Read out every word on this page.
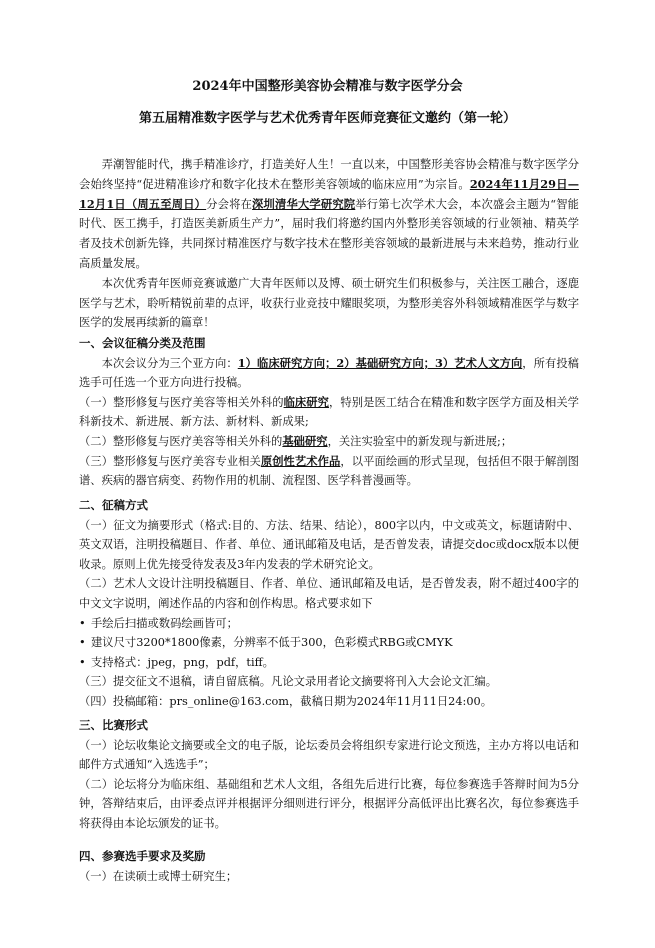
2024年中国整形美容协会精准与数字医学分会
第五届精准数字医学与艺术优秀青年医师竞赛征文邀约（第一轮）

弄潮智能时代，携手精准诊疗，打造美好人生！一直以来，中国整形美容协会精准与数字医学分会始终坚持“促进精准诊疗和数字化技术在整形美容领域的临床应用”为宗旨。2024年11月29日—12月1日（周五至周日）分会将在深圳清华大学研究院举行第七次学术大会，本次盛会主题为“智能时代、医工携手，打造医美新质生产力”，届时我们将邀约国内外整形美容领域的行业领袖、精英学者及技术创新先锋，共同探讨精准医疗与数字技术在整形美容领域的最新进展与未来趋势，推动行业高质量发展。

本次优秀青年医师竞赛诚邀广大青年医师以及博、硕士研究生们积极参与，关注医工融合，逐鹿医学与艺术，聆听精锐前辈的点评，收获行业竞技中耀眼奖项，为整形美容外科领域精准医学与数字医学的发展再续新的篇章！

一、会议征稿分类及范围

本次会议分为三个亚方向：1）临床研究方向；2）基础研究方向；3）艺术人文方向，所有投稿选手可任选一个亚方向进行投稿。

（一）整形修复与医疗美容等相关外科的临床研究，特别是医工结合在精准和数字医学方面及相关学科新技术、新进展、新方法、新材料、新成果;

（二）整形修复与医疗美容等相关外科的基础研究，关注实验室中的新发现与新进展;；

（三）整形修复与医疗美容专业相关原创性艺术作品，以平面绘画的形式呈现，包括但不限于解剖图谱、疾病的器官病变、药物作用的机制、流程图、医学科普漫画等。

二、征稿方式

（一）征文为摘要形式（格式:目的、方法、结果、结论），800字以内，中文或英文，标题请附中、英文双语，注明投稿题目、作者、单位、通讯邮箱及电话，是否曾发表，请提交doc或docx版本以便收录。原则上优先接受待发表及3年内发表的学术研究论文。

（二）艺术人文设计注明投稿题目、作者、单位、通讯邮箱及电话，是否曾发表，附不超过400字的中文文字说明，阐述作品的内容和创作构思。格式要求如下

• 手绘后扫描或数码绘画皆可；

• 建议尺寸3200*1800像素，分辨率不低于300，色彩模式RBG或CMYK

• 支持格式：jpeg，png，pdf，tiff。

（三）提交征文不退稿，请自留底稿。凡论文录用者论文摘要将刊入大会论文汇编。

（四）投稿邮箱：prs_online@163.com，截稿日期为2024年11月11日24:00。

三、比赛形式

（一）论坛收集论文摘要或全文的电子版，论坛委员会将组织专家进行论文预选，主办方将以电话和邮件方式通知“入选选手”；

（二）论坛将分为临床组、基础组和艺术人文组，各组先后进行比赛，每位参赛选手答辩时间为5分钟，答辩结束后，由评委点评并根据评分细则进行评分，根据评分高低评出比赛名次，每位参赛选手将获得由本论坛颁发的证书。

四、参赛选手要求及奖励

（一）在读硕士或博士研究生；
